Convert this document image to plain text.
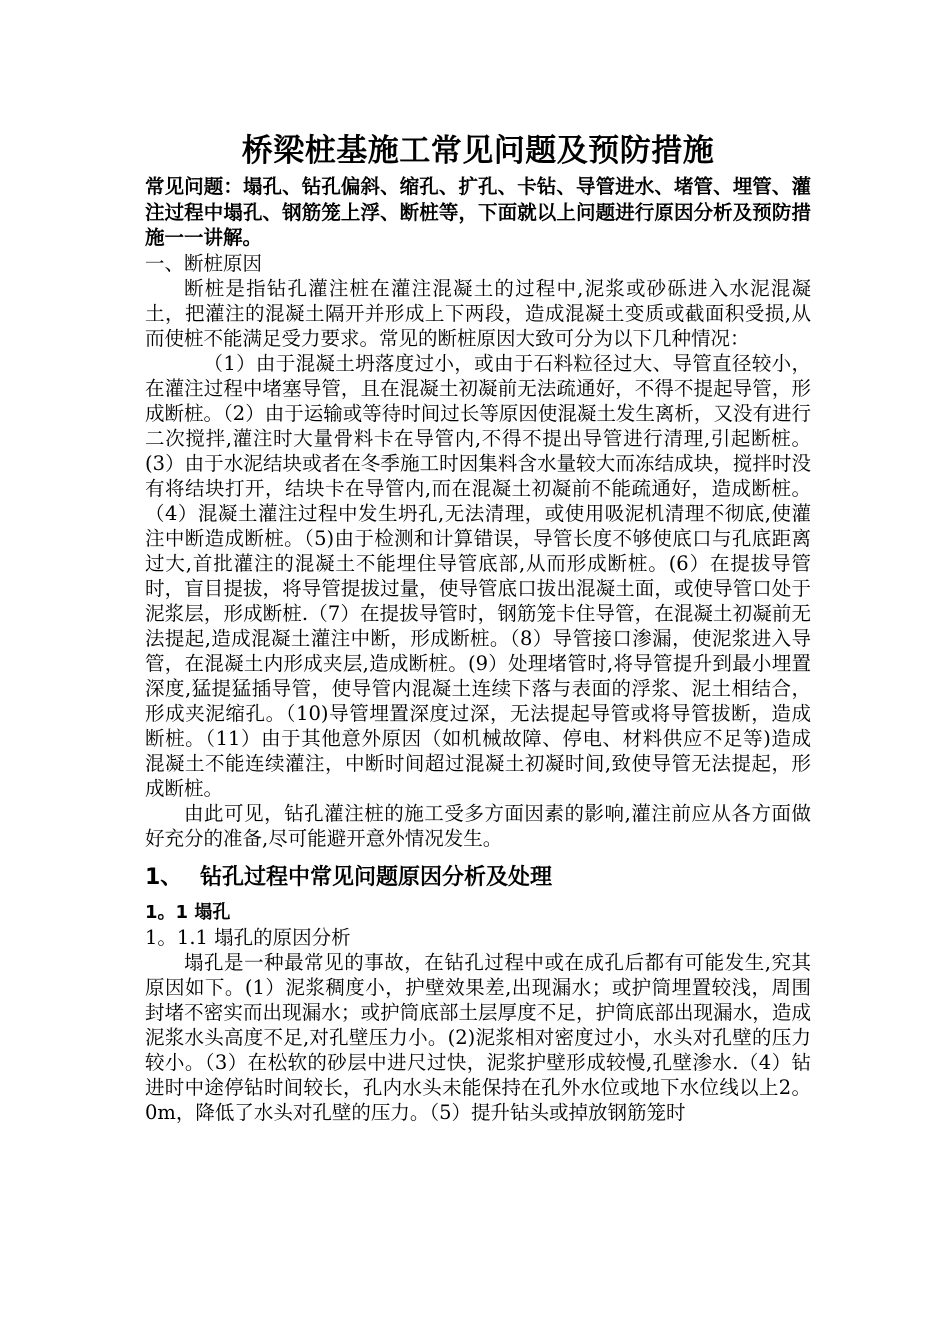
桥梁桩基施工常见问题及预防措施

常见问题：塌孔、钻孔偏斜、缩孔、扩孔、卡钻、导管进水、堵管、埋管、灌注过程中塌孔、钢筋笼上浮、断桩等，下面就以上问题进行原因分析及预防措施一一讲解。

一、断桩原因

断桩是指钻孔灌注桩在灌注混凝土的过程中,泥浆或砂砾进入水泥混凝土，把灌注的混凝土隔开并形成上下两段，造成混凝土变质或截面积受损,从而使桩不能满足受力要求。常见的断桩原因大致可分为以下几种情况：

（1）由于混凝土坍落度过小，或由于石料粒径过大、导管直径较小，在灌注过程中堵塞导管，且在混凝土初凝前无法疏通好，不得不提起导管，形成断桩。（2）由于运输或等待时间过长等原因使混凝土发生离析，又没有进行二次搅拌,灌注时大量骨料卡在导管内,不得不提出导管进行清理,引起断桩。(3）由于水泥结块或者在冬季施工时因集料含水量较大而冻结成块，搅拌时没有将结块打开，结块卡在导管内,而在混凝土初凝前不能疏通好，造成断桩。（4）混凝土灌注过程中发生坍孔,无法清理，或使用吸泥机清理不彻底,使灌注中断造成断桩。（5)由于检测和计算错误，导管长度不够使底口与孔底距离过大,首批灌注的混凝土不能埋住导管底部,从而形成断桩。(6）在提拔导管时，盲目提拔，将导管提拔过量，使导管底口拔出混凝土面，或使导管口处于泥浆层，形成断桩.（7）在提拔导管时，钢筋笼卡住导管，在混凝土初凝前无法提起,造成混凝土灌注中断，形成断桩。（8）导管接口渗漏，使泥浆进入导管，在混凝土内形成夹层,造成断桩。(9）处理堵管时,将导管提升到最小埋置深度,猛提猛插导管，使导管内混凝土连续下落与表面的浮浆、泥土相结合，形成夹泥缩孔。（10)导管埋置深度过深，无法提起导管或将导管拔断，造成断桩。（11）由于其他意外原因（如机械故障、停电、材料供应不足等)造成混凝土不能连续灌注，中断时间超过混凝土初凝时间,致使导管无法提起，形成断桩。

由此可见，钻孔灌注桩的施工受多方面因素的影响,灌注前应从各方面做好充分的准备,尽可能避开意外情况发生。

1、 钻孔过程中常见问题原因分析及处理
1。1 塌孔

1。1.1 塌孔的原因分析

塌孔是一种最常见的事故，在钻孔过程中或在成孔后都有可能发生,究其原因如下。(1）泥浆稠度小，护壁效果差,出现漏水；或护筒埋置较浅，周围封堵不密实而出现漏水；或护筒底部土层厚度不足，护筒底部出现漏水，造成泥浆水头高度不足,对孔壁压力小。(2)泥浆相对密度过小，水头对孔壁的压力较小。（3）在松软的砂层中进尺过快，泥浆护壁形成较慢,孔壁渗水.（4）钻进时中途停钻时间较长，孔内水头未能保持在孔外水位或地下水位线以上2。0m，降低了水头对孔壁的压力。（5）提升钻头或掉放钢筋笼时
